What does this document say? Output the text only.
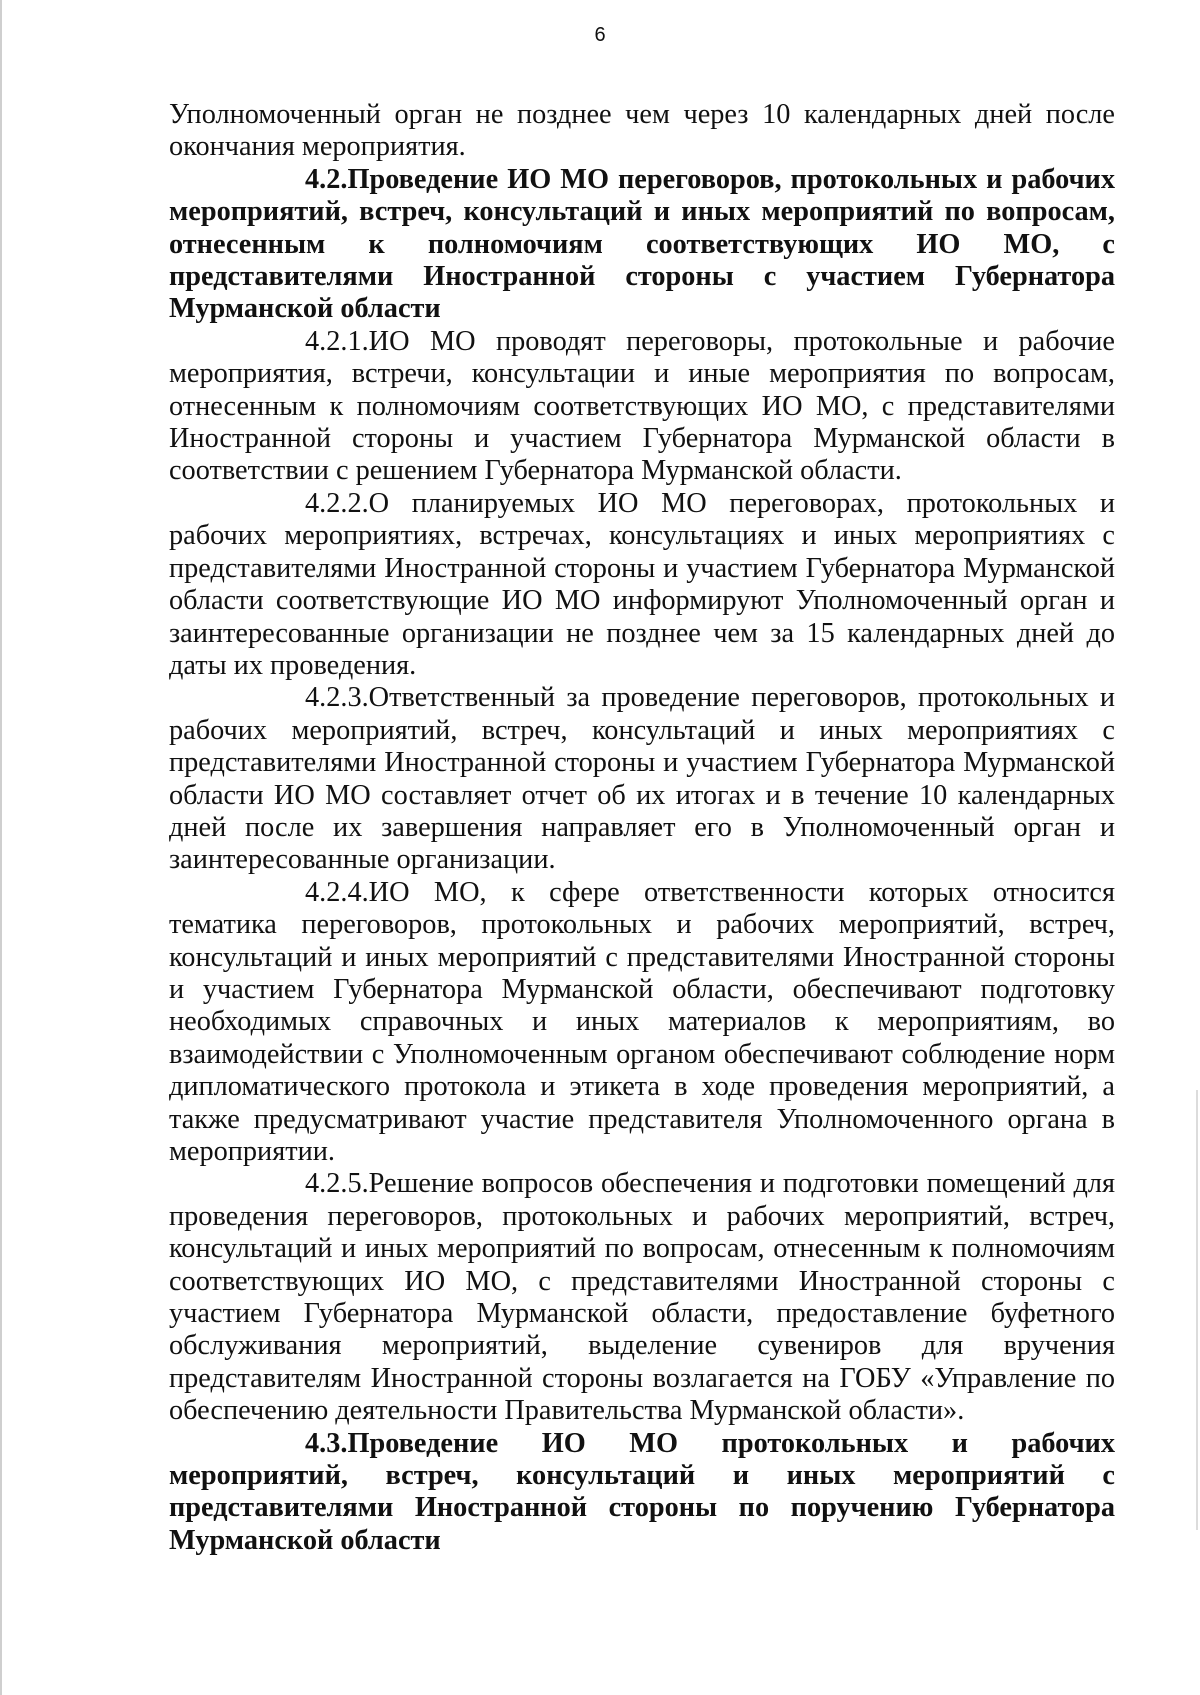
6

Уполномоченный орган не позднее чем через 10 календарных дней после окончания мероприятия.

4.2.Проведение ИО МО переговоров, протокольных и рабочих мероприятий, встреч, консультаций и иных мероприятий по вопросам, отнесенным к полномочиям соответствующих ИО МО, с представителями Иностранной стороны с участием Губернатора Мурманской области

4.2.1.ИО МО проводят переговоры, протокольные и рабочие мероприятия, встречи, консультации и иные мероприятия по вопросам, отнесенным к полномочиям соответствующих ИО МО, с представителями Иностранной стороны и участием Губернатора Мурманской области в соответствии с решением Губернатора Мурманской области.

4.2.2.О планируемых ИО МО переговорах, протокольных и рабочих мероприятиях, встречах, консультациях и иных мероприятиях с представителями Иностранной стороны и участием Губернатора Мурманской области соответствующие ИО МО информируют Уполномоченный орган и заинтересованные организации не позднее чем за 15 календарных дней до даты их проведения.

4.2.3.Ответственный за проведение переговоров, протокольных и рабочих мероприятий, встреч, консультаций и иных мероприятиях с представителями Иностранной стороны и участием Губернатора Мурманской области ИО МО составляет отчет об их итогах и в течение 10 календарных дней после их завершения направляет его в Уполномоченный орган и заинтересованные организации.

4.2.4.ИО МО, к сфере ответственности которых относится тематика переговоров, протокольных и рабочих мероприятий, встреч, консультаций и иных мероприятий с представителями Иностранной стороны и участием Губернатора Мурманской области, обеспечивают подготовку необходимых справочных и иных материалов к мероприятиям, во взаимодействии с Уполномоченным органом обеспечивают соблюдение норм дипломатического протокола и этикета в ходе проведения мероприятий, а также предусматривают участие представителя Уполномоченного органа в мероприятии.

4.2.5.Решение вопросов обеспечения и подготовки помещений для проведения переговоров, протокольных и рабочих мероприятий, встреч, консультаций и иных мероприятий по вопросам, отнесенным к полномочиям соответствующих ИО МО, с представителями Иностранной стороны с участием Губернатора Мурманской области, предоставление буфетного обслуживания мероприятий, выделение сувениров для вручения представителям Иностранной стороны возлагается на ГОБУ «Управление по обеспечению деятельности Правительства Мурманской области».

4.3.Проведение ИО МО протокольных и рабочих мероприятий, встреч, консультаций и иных мероприятий с представителями Иностранной стороны по поручению Губернатора Мурманской области
